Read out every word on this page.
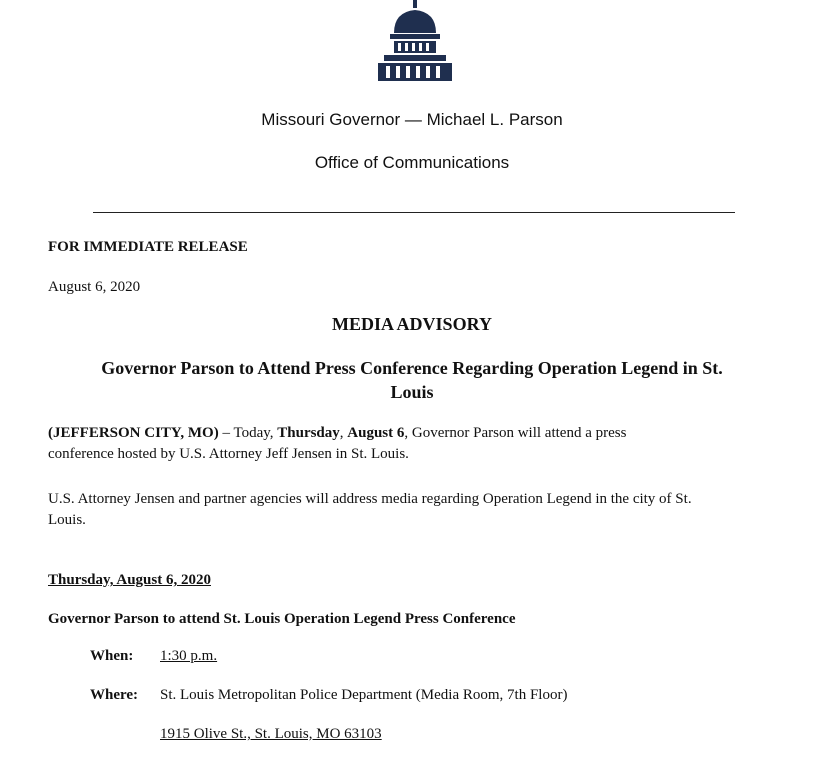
Missouri Governor — Michael L. Parson
Office of Communications
FOR IMMEDIATE RELEASE
August 6, 2020
MEDIA ADVISORY
Governor Parson to Attend Press Conference Regarding Operation Legend in St.
Louis
(JEFFERSON CITY, MO) – Today, Thursday, August 6, Governor Parson will attend a press
conference hosted by U.S. Attorney Jeff Jensen in St. Louis.
U.S. Attorney Jensen and partner agencies will address media regarding Operation Legend in the city of St.
Louis.
Thursday, August 6, 2020
Governor Parson to attend St. Louis Operation Legend Press Conference
When: 1:30 p.m.
Where: St. Louis Metropolitan Police Department (Media Room, 7th Floor)
1915 Olive St., St. Louis, MO 63103
